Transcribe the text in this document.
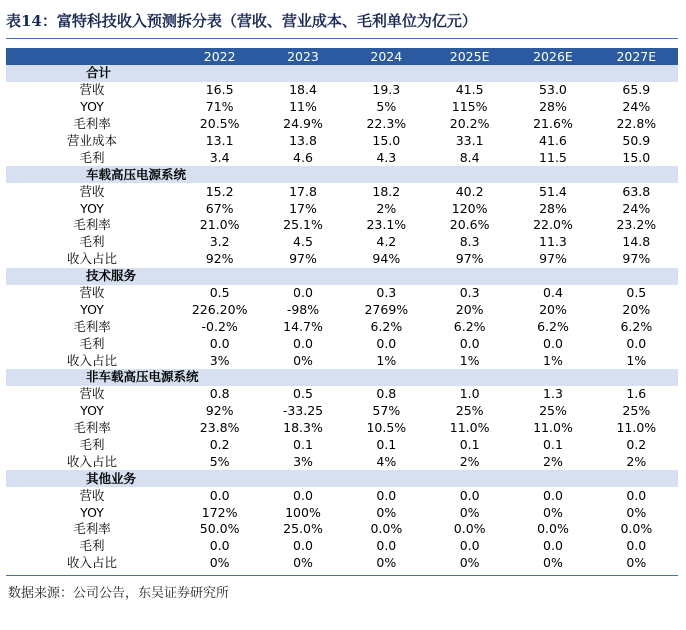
表14：富特科技收入预测拆分表（营收、营业成本、毛利单位为亿元）
	2022	2023	2024	2025E	2026E	2027E
合计						
营收	16.5	18.4	19.3	41.5	53.0	65.9
YOY	71%	11%	5%	115%	28%	24%
毛利率	20.5%	24.9%	22.3%	20.2%	21.6%	22.8%
营业成本	13.1	13.8	15.0	33.1	41.6	50.9
毛利	3.4	4.6	4.3	8.4	11.5	15.0
车载高压电源系统						
营收	15.2	17.8	18.2	40.2	51.4	63.8
YOY	67%	17%	2%	120%	28%	24%
毛利率	21.0%	25.1%	23.1%	20.6%	22.0%	23.2%
毛利	3.2	4.5	4.2	8.3	11.3	14.8
收入占比	92%	97%	94%	97%	97%	97%
技术服务						
营收	0.5	0.0	0.3	0.3	0.4	0.5
YOY	226.20%	-98%	2769%	20%	20%	20%
毛利率	-0.2%	14.7%	6.2%	6.2%	6.2%	6.2%
毛利	0.0	0.0	0.0	0.0	0.0	0.0
收入占比	3%	0%	1%	1%	1%	1%
非车载高压电源系统						
营收	0.8	0.5	0.8	1.0	1.3	1.6
YOY	92%	-33.25	57%	25%	25%	25%
毛利率	23.8%	18.3%	10.5%	11.0%	11.0%	11.0%
毛利	0.2	0.1	0.1	0.1	0.1	0.2
收入占比	5%	3%	4%	2%	2%	2%
其他业务						
营收	0.0	0.0	0.0	0.0	0.0	0.0
YOY	172%	100%	0%	0%	0%	0%
毛利率	50.0%	25.0%	0.0%	0.0%	0.0%	0.0%
毛利	0.0	0.0	0.0	0.0	0.0	0.0
收入占比	0%	0%	0%	0%	0%	0%
数据来源：公司公告，东吴证券研究所
